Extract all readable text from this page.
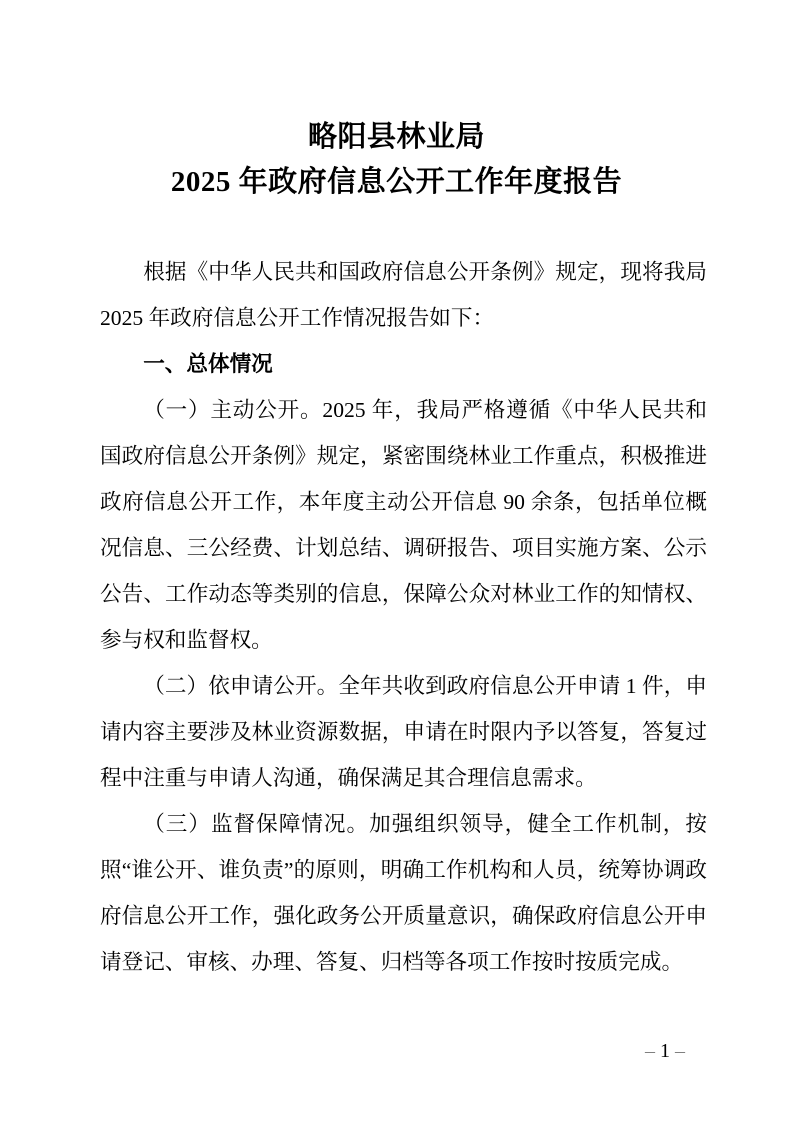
略阳县林业局
2025 年政府信息公开工作年度报告

根据《中华人民共和国政府信息公开条例》规定，现将我局 2025 年政府信息公开工作情况报告如下：

一、总体情况

（一）主动公开。2025 年，我局严格遵循《中华人民共和国政府信息公开条例》规定，紧密围绕林业工作重点，积极推进政府信息公开工作，本年度主动公开信息 90 余条，包括单位概况信息、三公经费、计划总结、调研报告、项目实施方案、公示公告、工作动态等类别的信息，保障公众对林业工作的知情权、参与权和监督权。

（二）依申请公开。全年共收到政府信息公开申请 1 件，申请内容主要涉及林业资源数据，申请在时限内予以答复，答复过程中注重与申请人沟通，确保满足其合理信息需求。

（三）监督保障情况。加强组织领导，健全工作机制，按照“谁公开、谁负责”的原则，明确工作机构和人员，统筹协调政府信息公开工作，强化政务公开质量意识，确保政府信息公开申请登记、审核、办理、答复、归档等各项工作按时按质完成。

– 1 –
